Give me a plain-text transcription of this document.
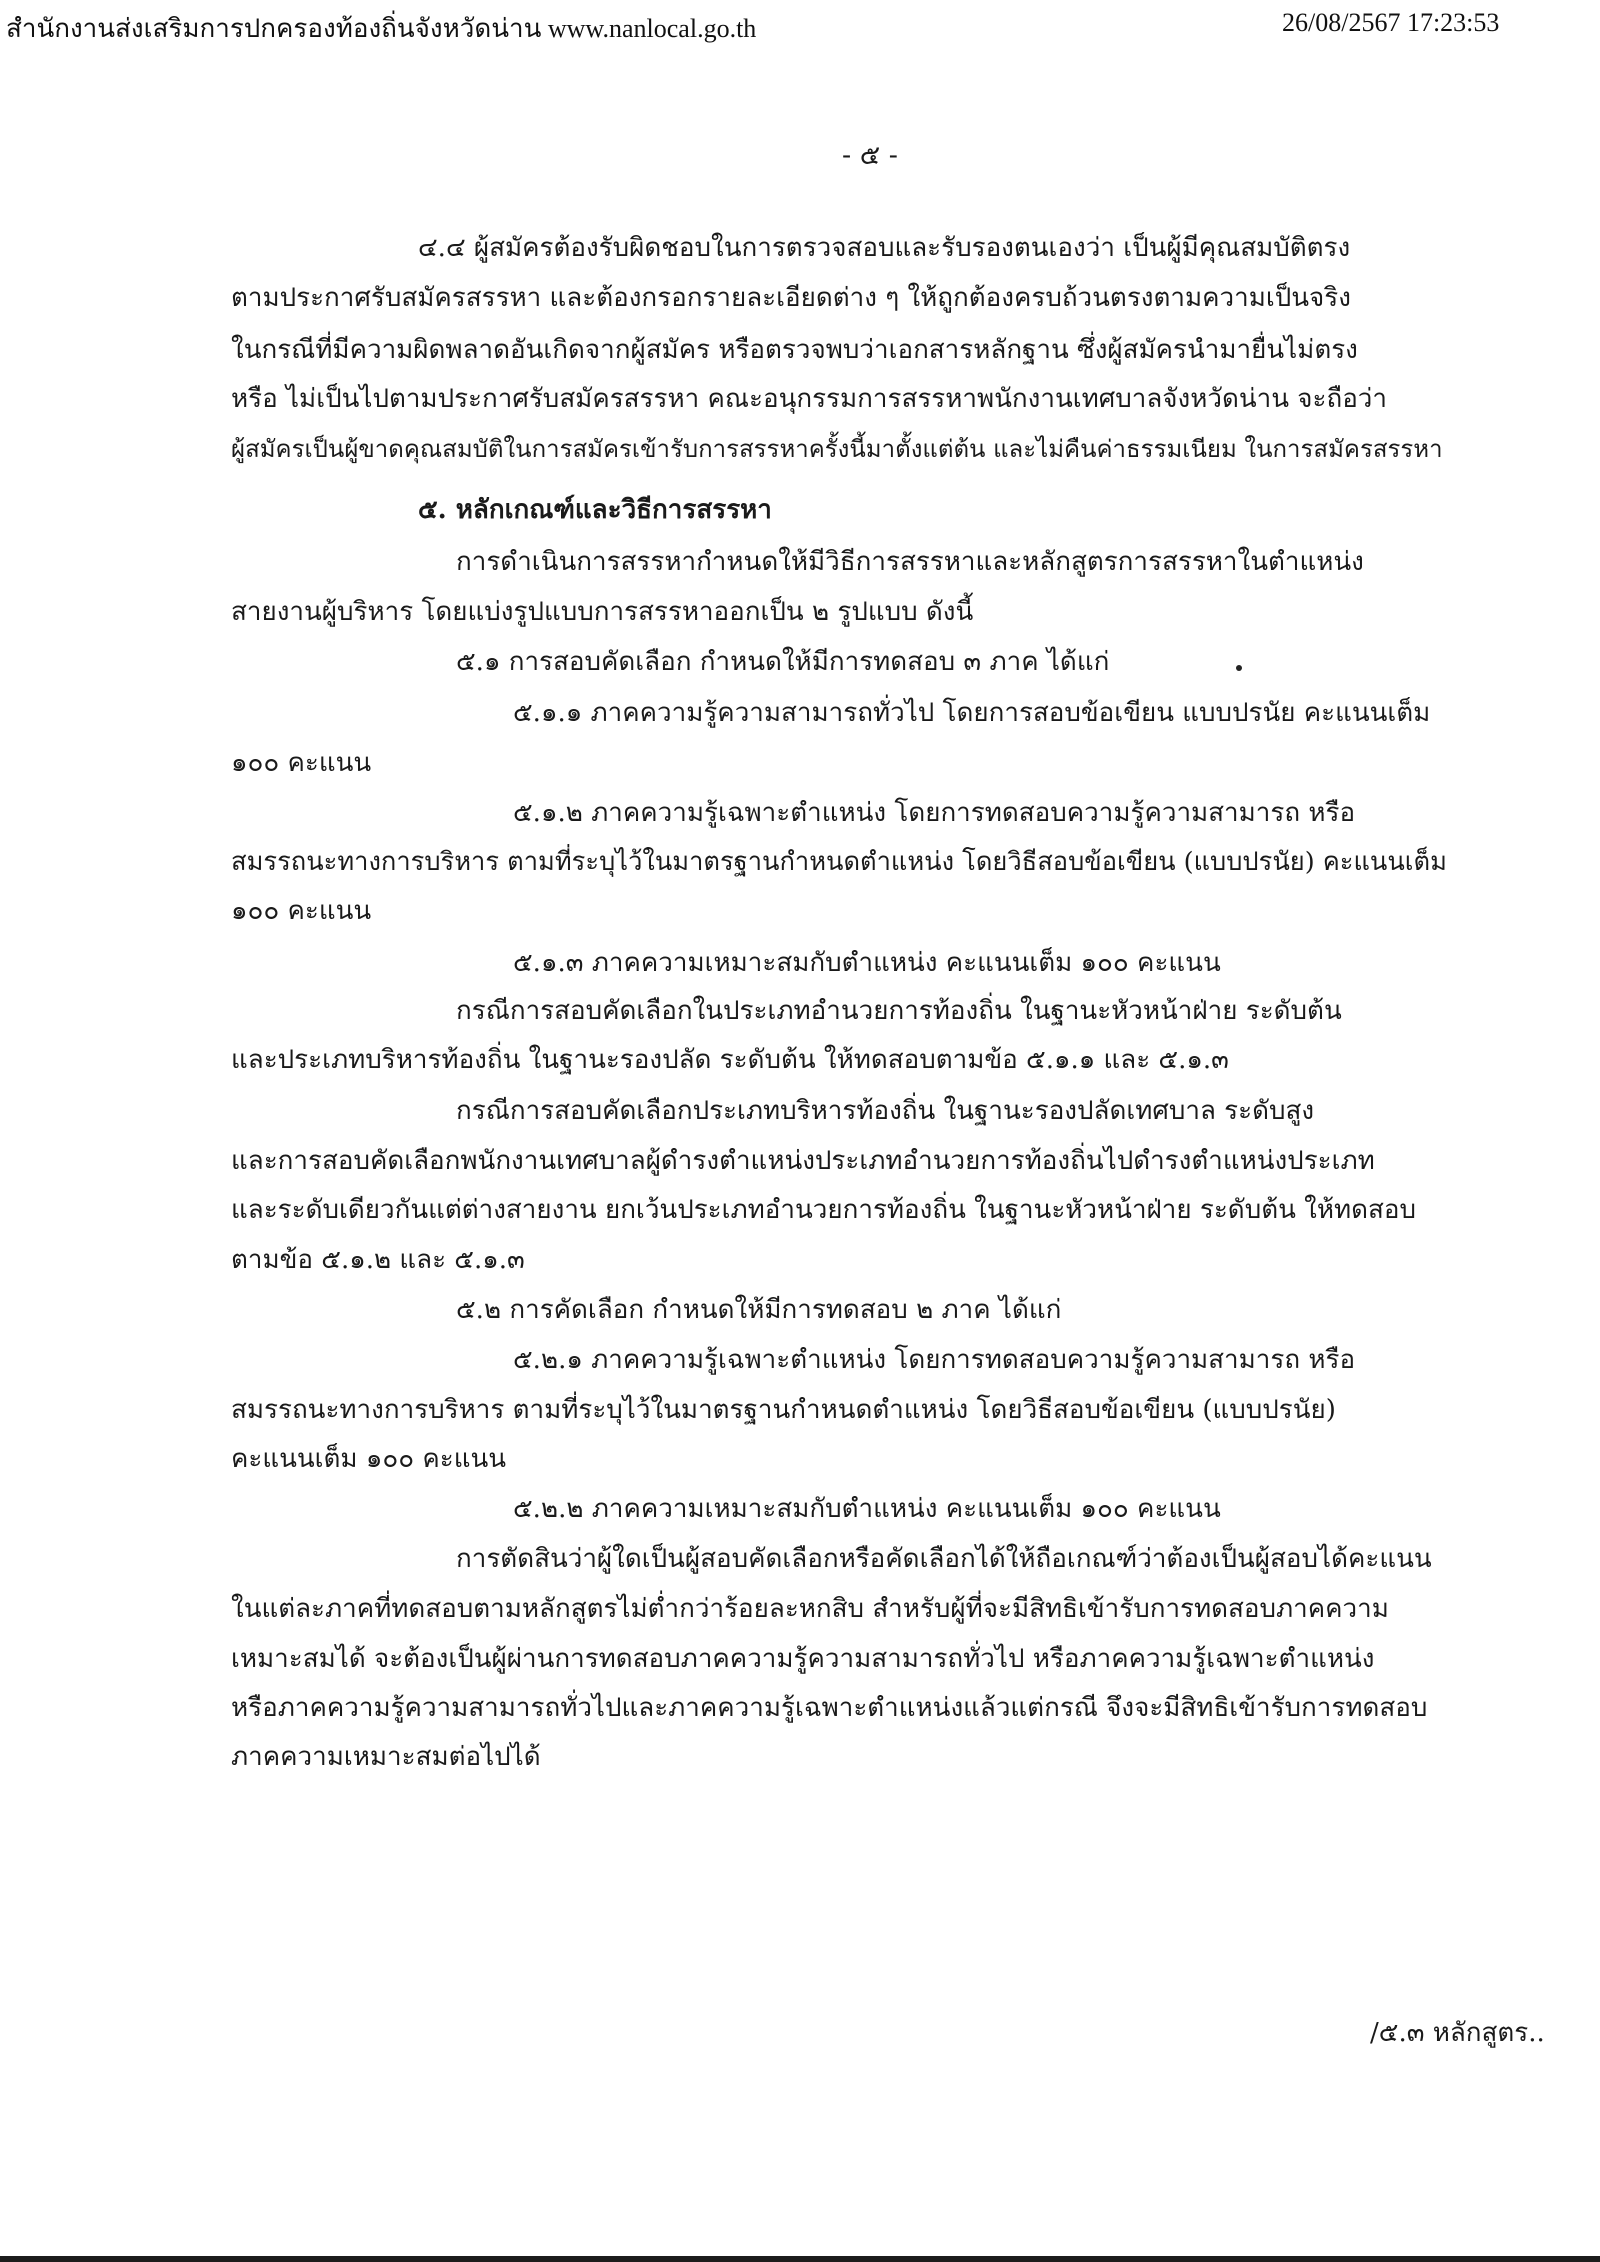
สำนักงานส่งเสริมการปกครองท้องถิ่นจังหวัดน่าน www.nanlocal.go.th	26/08/2567 17:23:53
- ๕ -
๔.๔ ผู้สมัครต้องรับผิดชอบในการตรวจสอบและรับรองตนเองว่า เป็นผู้มีคุณสมบัติตรง
ตามประกาศรับสมัครสรรหา และต้องกรอกรายละเอียดต่าง ๆ ให้ถูกต้องครบถ้วนตรงตามความเป็นจริง
ในกรณีที่มีความผิดพลาดอันเกิดจากผู้สมัคร หรือตรวจพบว่าเอกสารหลักฐาน ซึ่งผู้สมัครนำมายื่นไม่ตรง
หรือ ไม่เป็นไปตามประกาศรับสมัครสรรหา คณะอนุกรรมการสรรหาพนักงานเทศบาลจังหวัดน่าน จะถือว่า
ผู้สมัครเป็นผู้ขาดคุณสมบัติในการสมัครเข้ารับการสรรหาครั้งนี้มาตั้งแต่ต้น และไม่คืนค่าธรรมเนียม ในการสมัครสรรหา
๕. หลักเกณฑ์และวิธีการสรรหา
การดำเนินการสรรหากำหนดให้มีวิธีการสรรหาและหลักสูตรการสรรหาในตำแหน่ง
สายงานผู้บริหาร โดยแบ่งรูปแบบการสรรหาออกเป็น ๒ รูปแบบ ดังนี้
๕.๑ การสอบคัดเลือก กำหนดให้มีการทดสอบ ๓ ภาค ได้แก่
๕.๑.๑ ภาคความรู้ความสามารถทั่วไป โดยการสอบข้อเขียน แบบปรนัย คะแนนเต็ม
๑๐๐ คะแนน
๕.๑.๒ ภาคความรู้เฉพาะตำแหน่ง โดยการทดสอบความรู้ความสามารถ หรือ
สมรรถนะทางการบริหาร ตามที่ระบุไว้ในมาตรฐานกำหนดตำแหน่ง โดยวิธีสอบข้อเขียน (แบบปรนัย) คะแนนเต็ม
๑๐๐ คะแนน
๕.๑.๓ ภาคความเหมาะสมกับตำแหน่ง คะแนนเต็ม ๑๐๐ คะแนน
กรณีการสอบคัดเลือกในประเภทอำนวยการท้องถิ่น ในฐานะหัวหน้าฝ่าย ระดับต้น
และประเภทบริหารท้องถิ่น ในฐานะรองปลัด ระดับต้น ให้ทดสอบตามข้อ ๕.๑.๑ และ ๕.๑.๓
กรณีการสอบคัดเลือกประเภทบริหารท้องถิ่น ในฐานะรองปลัดเทศบาล ระดับสูง
และการสอบคัดเลือกพนักงานเทศบาลผู้ดำรงตำแหน่งประเภทอำนวยการท้องถิ่นไปดำรงตำแหน่งประเภท
และระดับเดียวกันแต่ต่างสายงาน ยกเว้นประเภทอำนวยการท้องถิ่น ในฐานะหัวหน้าฝ่าย ระดับต้น ให้ทดสอบ
ตามข้อ ๕.๑.๒ และ ๕.๑.๓
๕.๒ การคัดเลือก กำหนดให้มีการทดสอบ ๒ ภาค ได้แก่
๕.๒.๑ ภาคความรู้เฉพาะตำแหน่ง โดยการทดสอบความรู้ความสามารถ หรือ
สมรรถนะทางการบริหาร ตามที่ระบุไว้ในมาตรฐานกำหนดตำแหน่ง โดยวิธีสอบข้อเขียน (แบบปรนัย)
คะแนนเต็ม ๑๐๐ คะแนน
๕.๒.๒ ภาคความเหมาะสมกับตำแหน่ง คะแนนเต็ม ๑๐๐ คะแนน
การตัดสินว่าผู้ใดเป็นผู้สอบคัดเลือกหรือคัดเลือกได้ให้ถือเกณฑ์ว่าต้องเป็นผู้สอบได้คะแนน
ในแต่ละภาคที่ทดสอบตามหลักสูตรไม่ต่ำกว่าร้อยละหกสิบ สำหรับผู้ที่จะมีสิทธิเข้ารับการทดสอบภาคความ
เหมาะสมได้ จะต้องเป็นผู้ผ่านการทดสอบภาคความรู้ความสามารถทั่วไป หรือภาคความรู้เฉพาะตำแหน่ง
หรือภาคความรู้ความสามารถทั่วไปและภาคความรู้เฉพาะตำแหน่งแล้วแต่กรณี จึงจะมีสิทธิเข้ารับการทดสอบ
ภาคความเหมาะสมต่อไปได้
/๕.๓ หลักสูตร..
